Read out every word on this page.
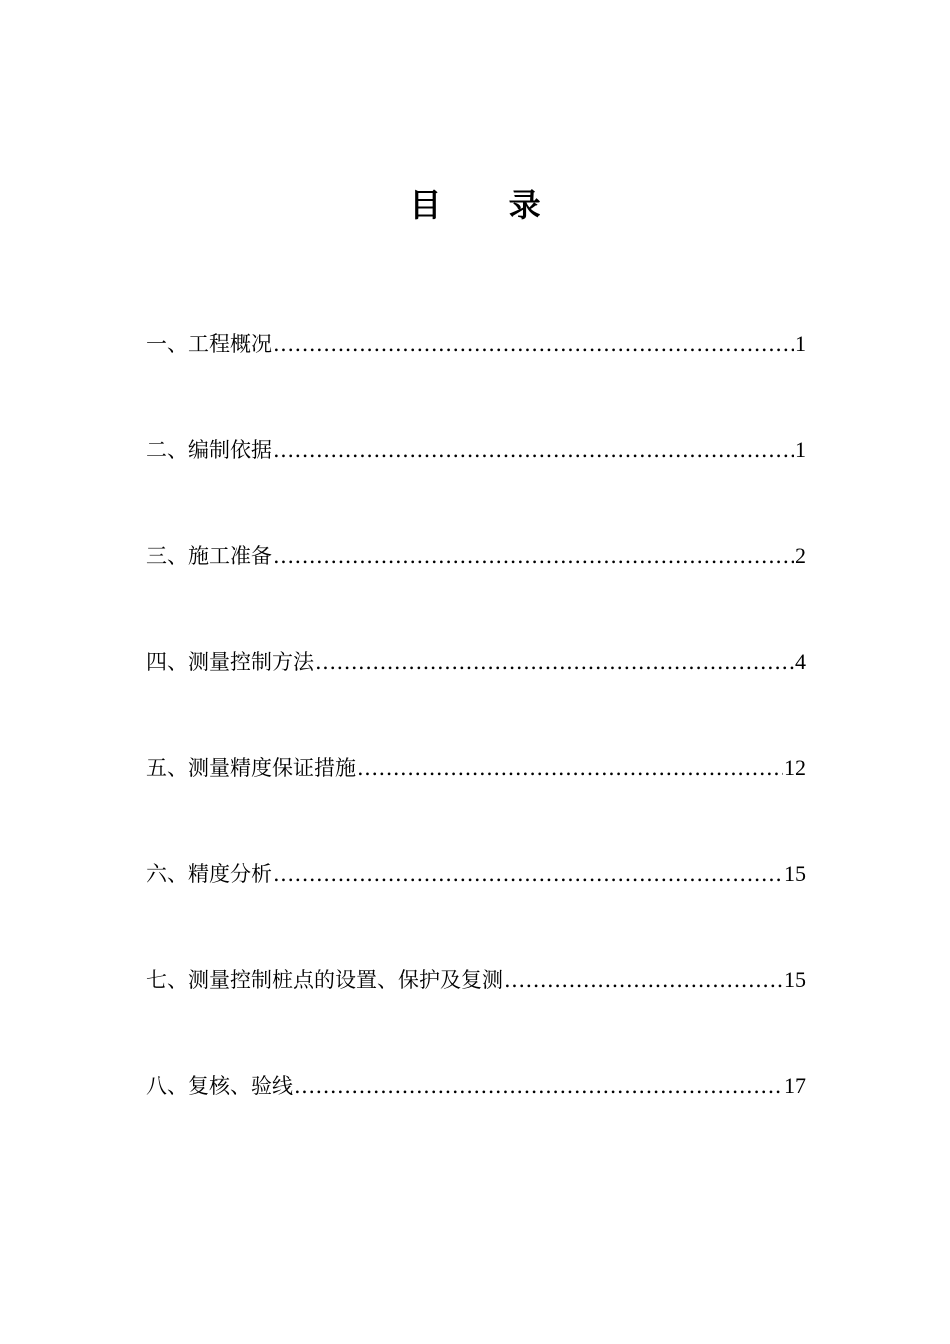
目 录
一、工程概况 .....	1
二、编制依据 .....	1
三、施工准备 .....	2
四、测量控制方法 .....	4
五、测量精度保证措施 .....	12
六、精度分析 .....	15
七、测量控制桩点的设置、保护及复测 .....	15
八、复核、验线 .....	17
